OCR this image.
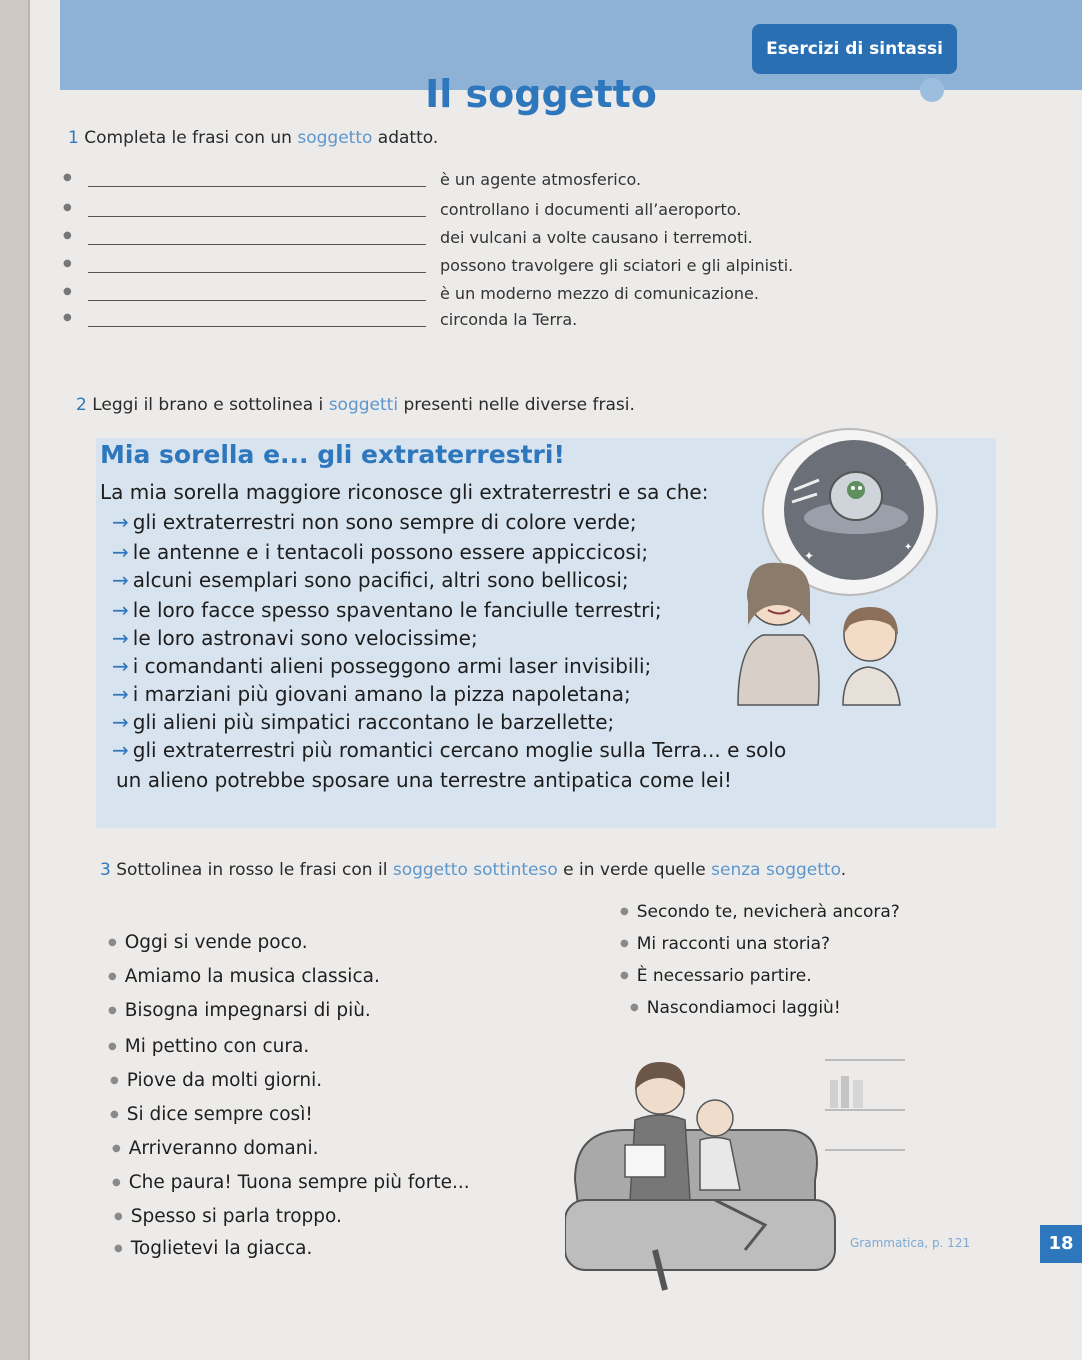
Esercizi di sintassi
Il soggetto
1 Completa le frasi con un soggetto adatto.
●	è un agente atmosferico.
●	controllano i documenti all’aeroporto.
●	dei vulcani a volte causano i terremoti.
●	possono travolgere gli sciatori e gli alpinisti.
●	è un moderno mezzo di comunicazione.
●	circonda la Terra.
2 Leggi il brano e sottolinea i soggetti presenti nelle diverse frasi.
Mia sorella e... gli extraterrestri!
La mia sorella maggiore riconosce gli extraterrestri e sa che:
→ gli extraterrestri non sono sempre di colore verde;
→ le antenne e i tentacoli possono essere appiccicosi;
→ alcuni esemplari sono pacifici, altri sono bellicosi;
→ le loro facce spesso spaventano le fanciulle terrestri;
→ le loro astronavi sono velocissime;
→ i comandanti alieni posseggono armi laser invisibili;
→ i marziani più giovani amano la pizza napoletana;
→ gli alieni più simpatici raccontano le barzellette;
→ gli extraterrestri più romantici cercano moglie sulla Terra... e solo
un alieno potrebbe sposare una terrestre antipatica come lei!
✦
✦
✦
3 Sottolinea in rosso le frasi con il soggetto sottinteso e in verde quelle senza soggetto.
● Oggi si vende poco.
● Amiamo la musica classica.
● Bisogna impegnarsi di più.
● Mi pettino con cura.
● Piove da molti giorni.
● Si dice sempre così!
● Arriveranno domani.
● Che paura! Tuona sempre più forte...
● Spesso si parla troppo.
● Toglietevi la giacca.
● Secondo te, nevicherà ancora?
● Mi racconti una storia?
● È necessario partire.
● Nascondiamoci laggiù!
Grammatica, p. 121	18
